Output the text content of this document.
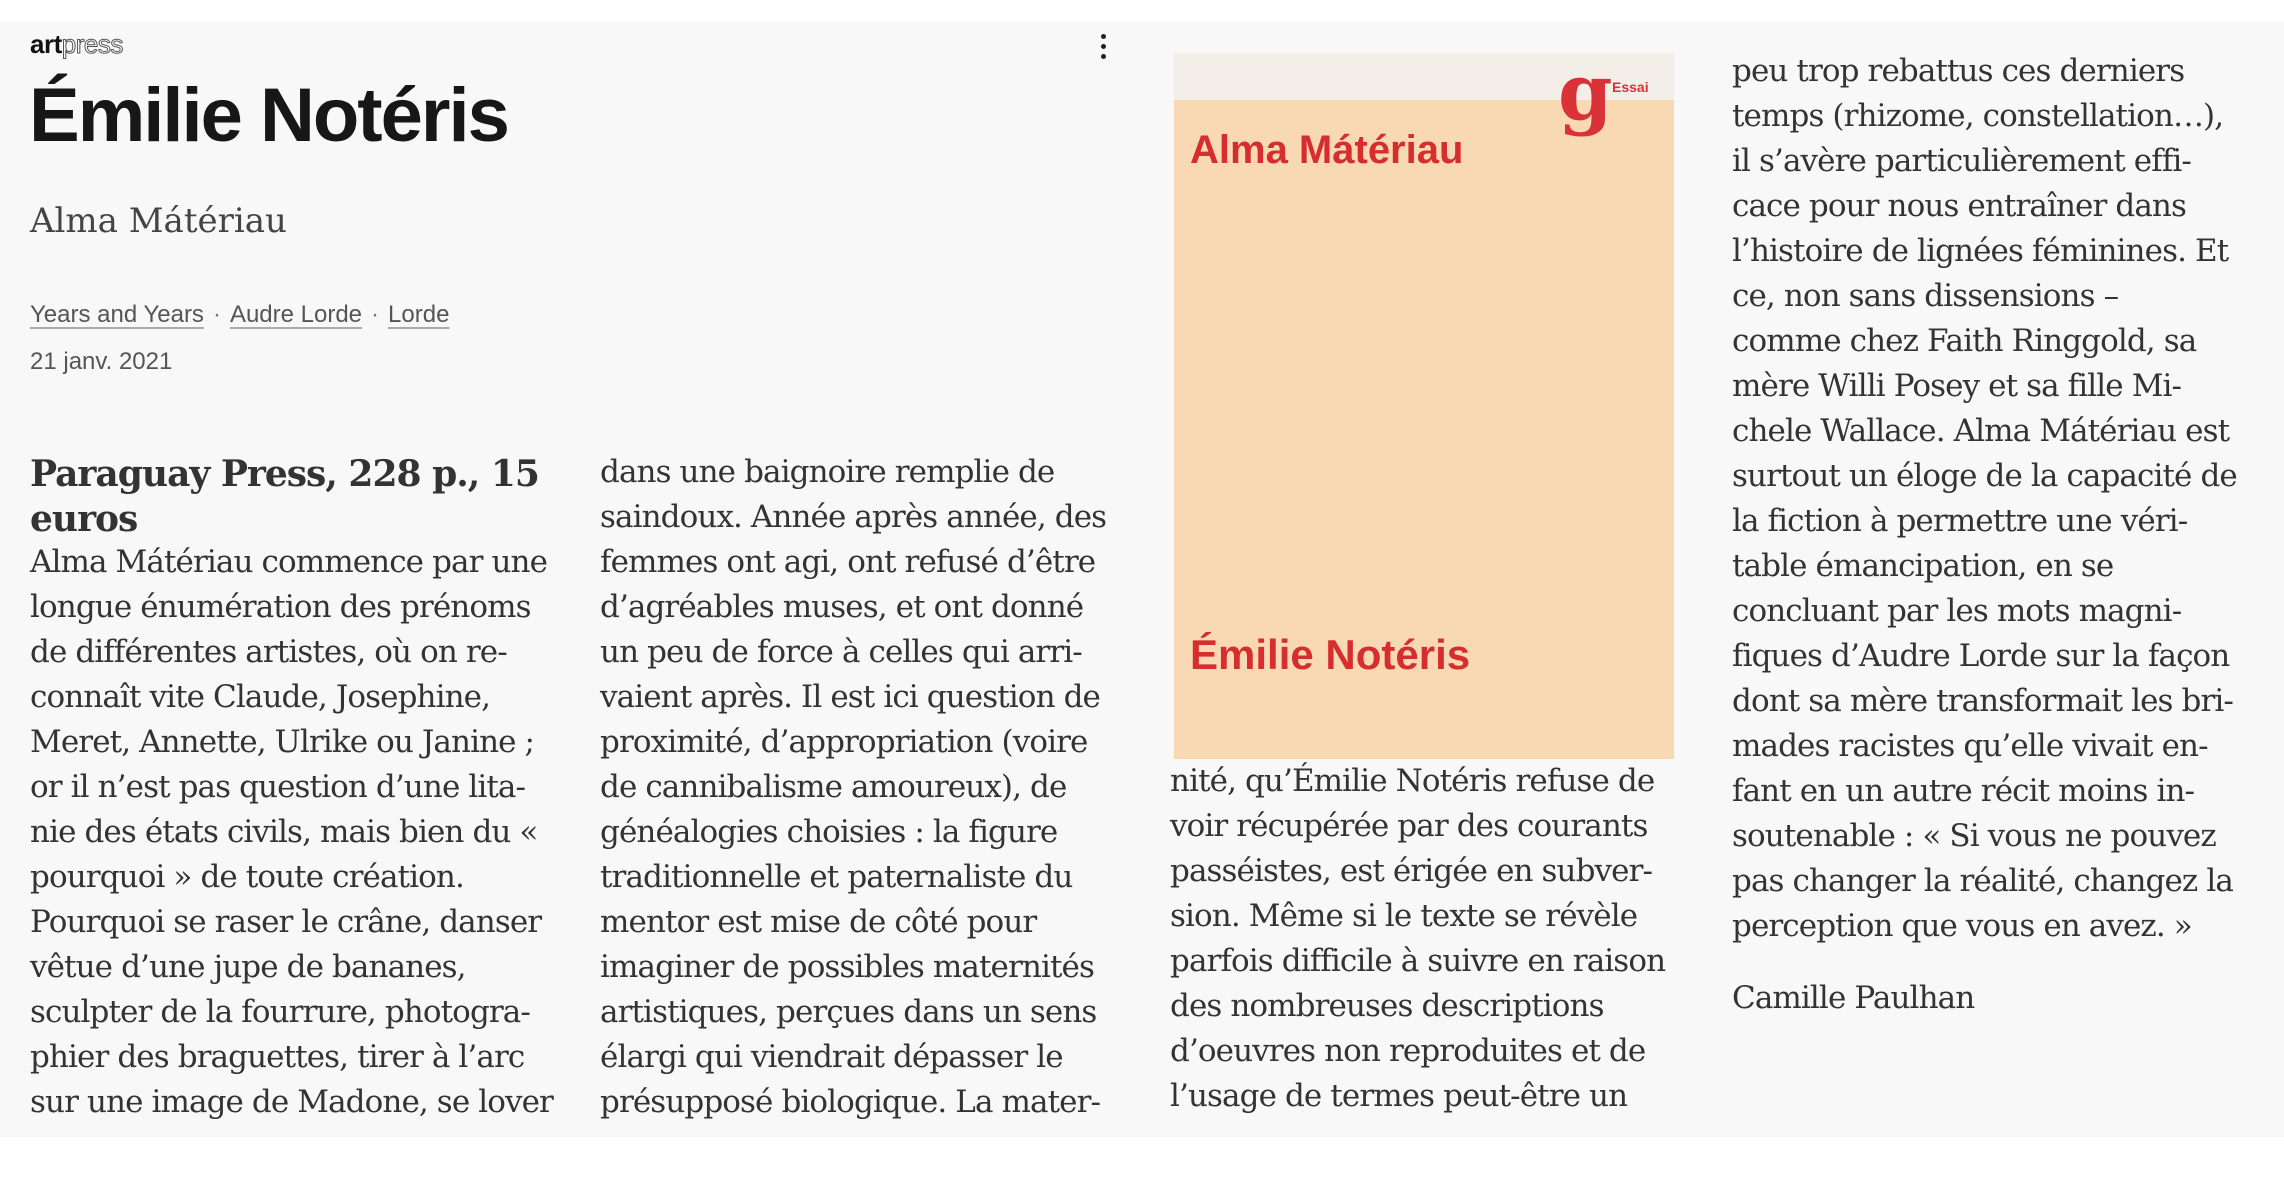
artpress
Émilie Notéris
Alma Mátériau
Years and Years · Audre Lorde · Lorde
21 janv. 2021
Paraguay Press, 228 p., 15 euros
Alma Mátériau commence par une
longue énumération des prénoms
de différentes artistes, où on re-
connaît vite Claude, Josephine,
Meret, Annette, Ulrike ou Janine ;
or il n’est pas question d’une lita-
nie des états civils, mais bien du «
pourquoi » de toute création.
Pourquoi se raser le crâne, danser
vêtue d’une jupe de bananes,
sculpter de la fourrure, photogra-
phier des braguettes, tirer à l’arc
sur une image de Madone, se lover
dans une baignoire remplie de
saindoux. Année après année, des
femmes ont agi, ont refusé d’être
d’agréables muses, et ont donné
un peu de force à celles qui arri-
vaient après. Il est ici question de
proximité, d’appropriation (voire
de cannibalisme amoureux), de
généalogies choisies : la figure
traditionnelle et paternaliste du
mentor est mise de côté pour
imaginer de possibles maternités
artistiques, perçues dans un sens
élargi qui viendrait dépasser le
présupposé biologique. La mater-
nité, qu’Émilie Notéris refuse de
voir récupérée par des courants
passéistes, est érigée en subver-
sion. Même si le texte se révèle
parfois difficile à suivre en raison
des nombreuses descriptions
d’oeuvres non reproduites et de
l’usage de termes peut-être un
peu trop rebattus ces derniers
temps (rhizome, constellation…),
il s’avère particulièrement effi-
cace pour nous entraîner dans
l’histoire de lignées féminines. Et
ce, non sans dissensions –
comme chez Faith Ringgold, sa
mère Willi Posey et sa fille Mi-
chele Wallace. Alma Mátériau est
surtout un éloge de la capacité de
la fiction à permettre une véri-
table émancipation, en se
concluant par les mots magni-
fiques d’Audre Lorde sur la façon
dont sa mère transformait les bri-
mades racistes qu’elle vivait en-
fant en un autre récit moins in-
soutenable : « Si vous ne pouvez
pas changer la réalité, changez la
perception que vous en avez. »
g Essai
Alma Mátériau
Émilie Notéris
Camille Paulhan
